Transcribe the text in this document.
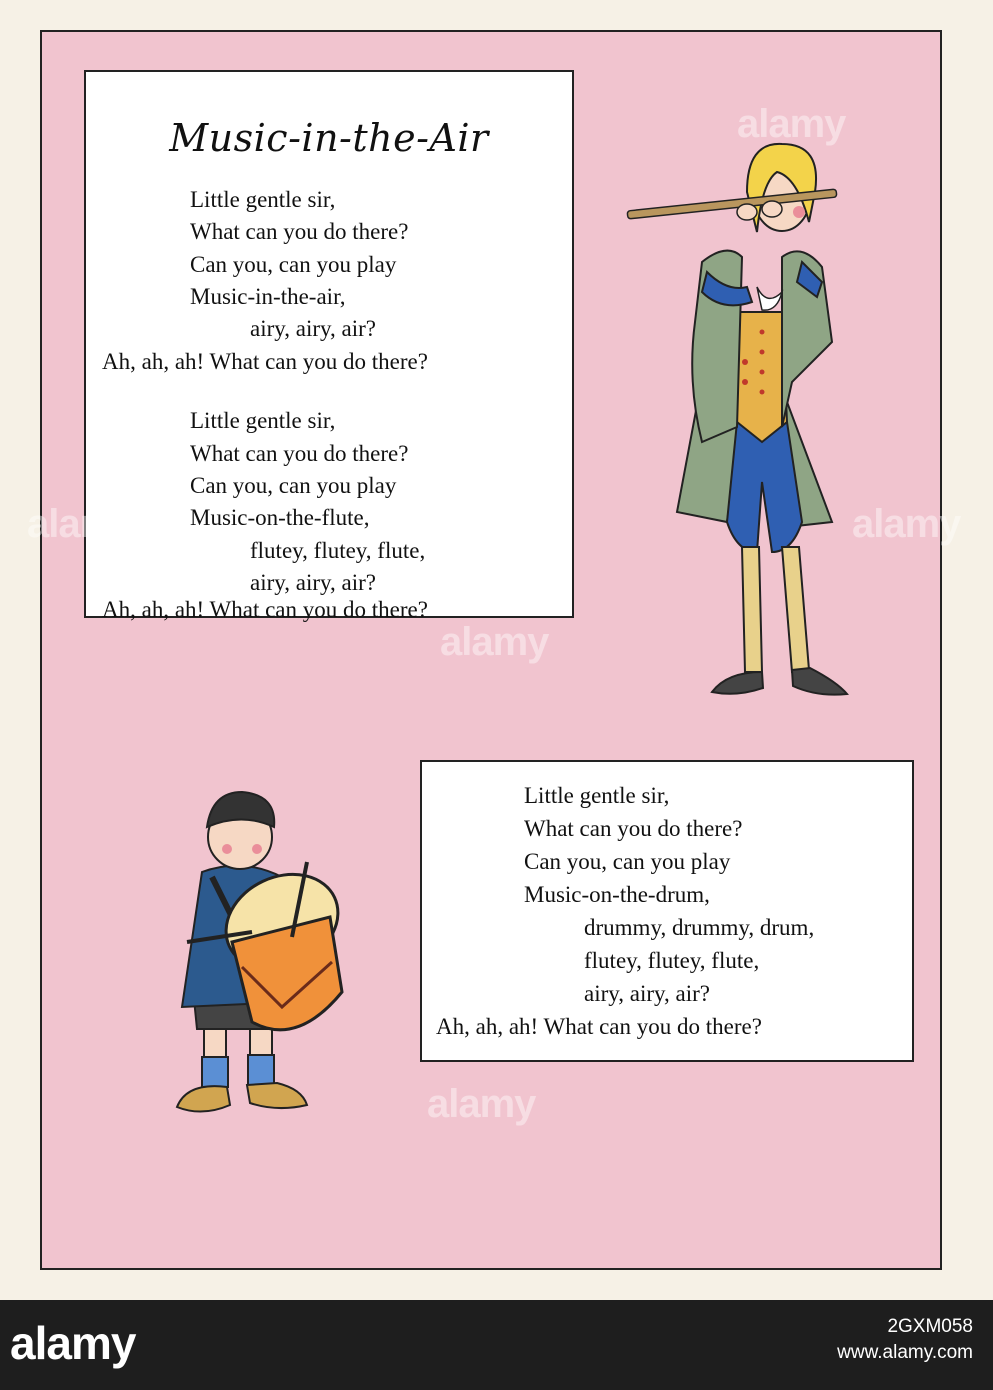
Music-in-the-Air
Little gentle sir,
What can you do there?
Can you, can you play
Music-in-the-air,
airy, airy, air?
Ah, ah, ah! What can you do there?
Little gentle sir,
What can you do there?
Can you, can you play
Music-on-the-flute,
flutey, flutey, flute,
airy, airy, air?
Ah, ah, ah! What can you do there?
Little gentle sir,
What can you do there?
Can you, can you play
Music-on-the-drum,
drummy, drummy, drum,
flutey, flutey, flute,
airy, airy, air?
Ah, ah, ah! What can you do there?
alamy
alamy
alamy	alamy
alamy
alamy	2GXM058
www.alamy.com
